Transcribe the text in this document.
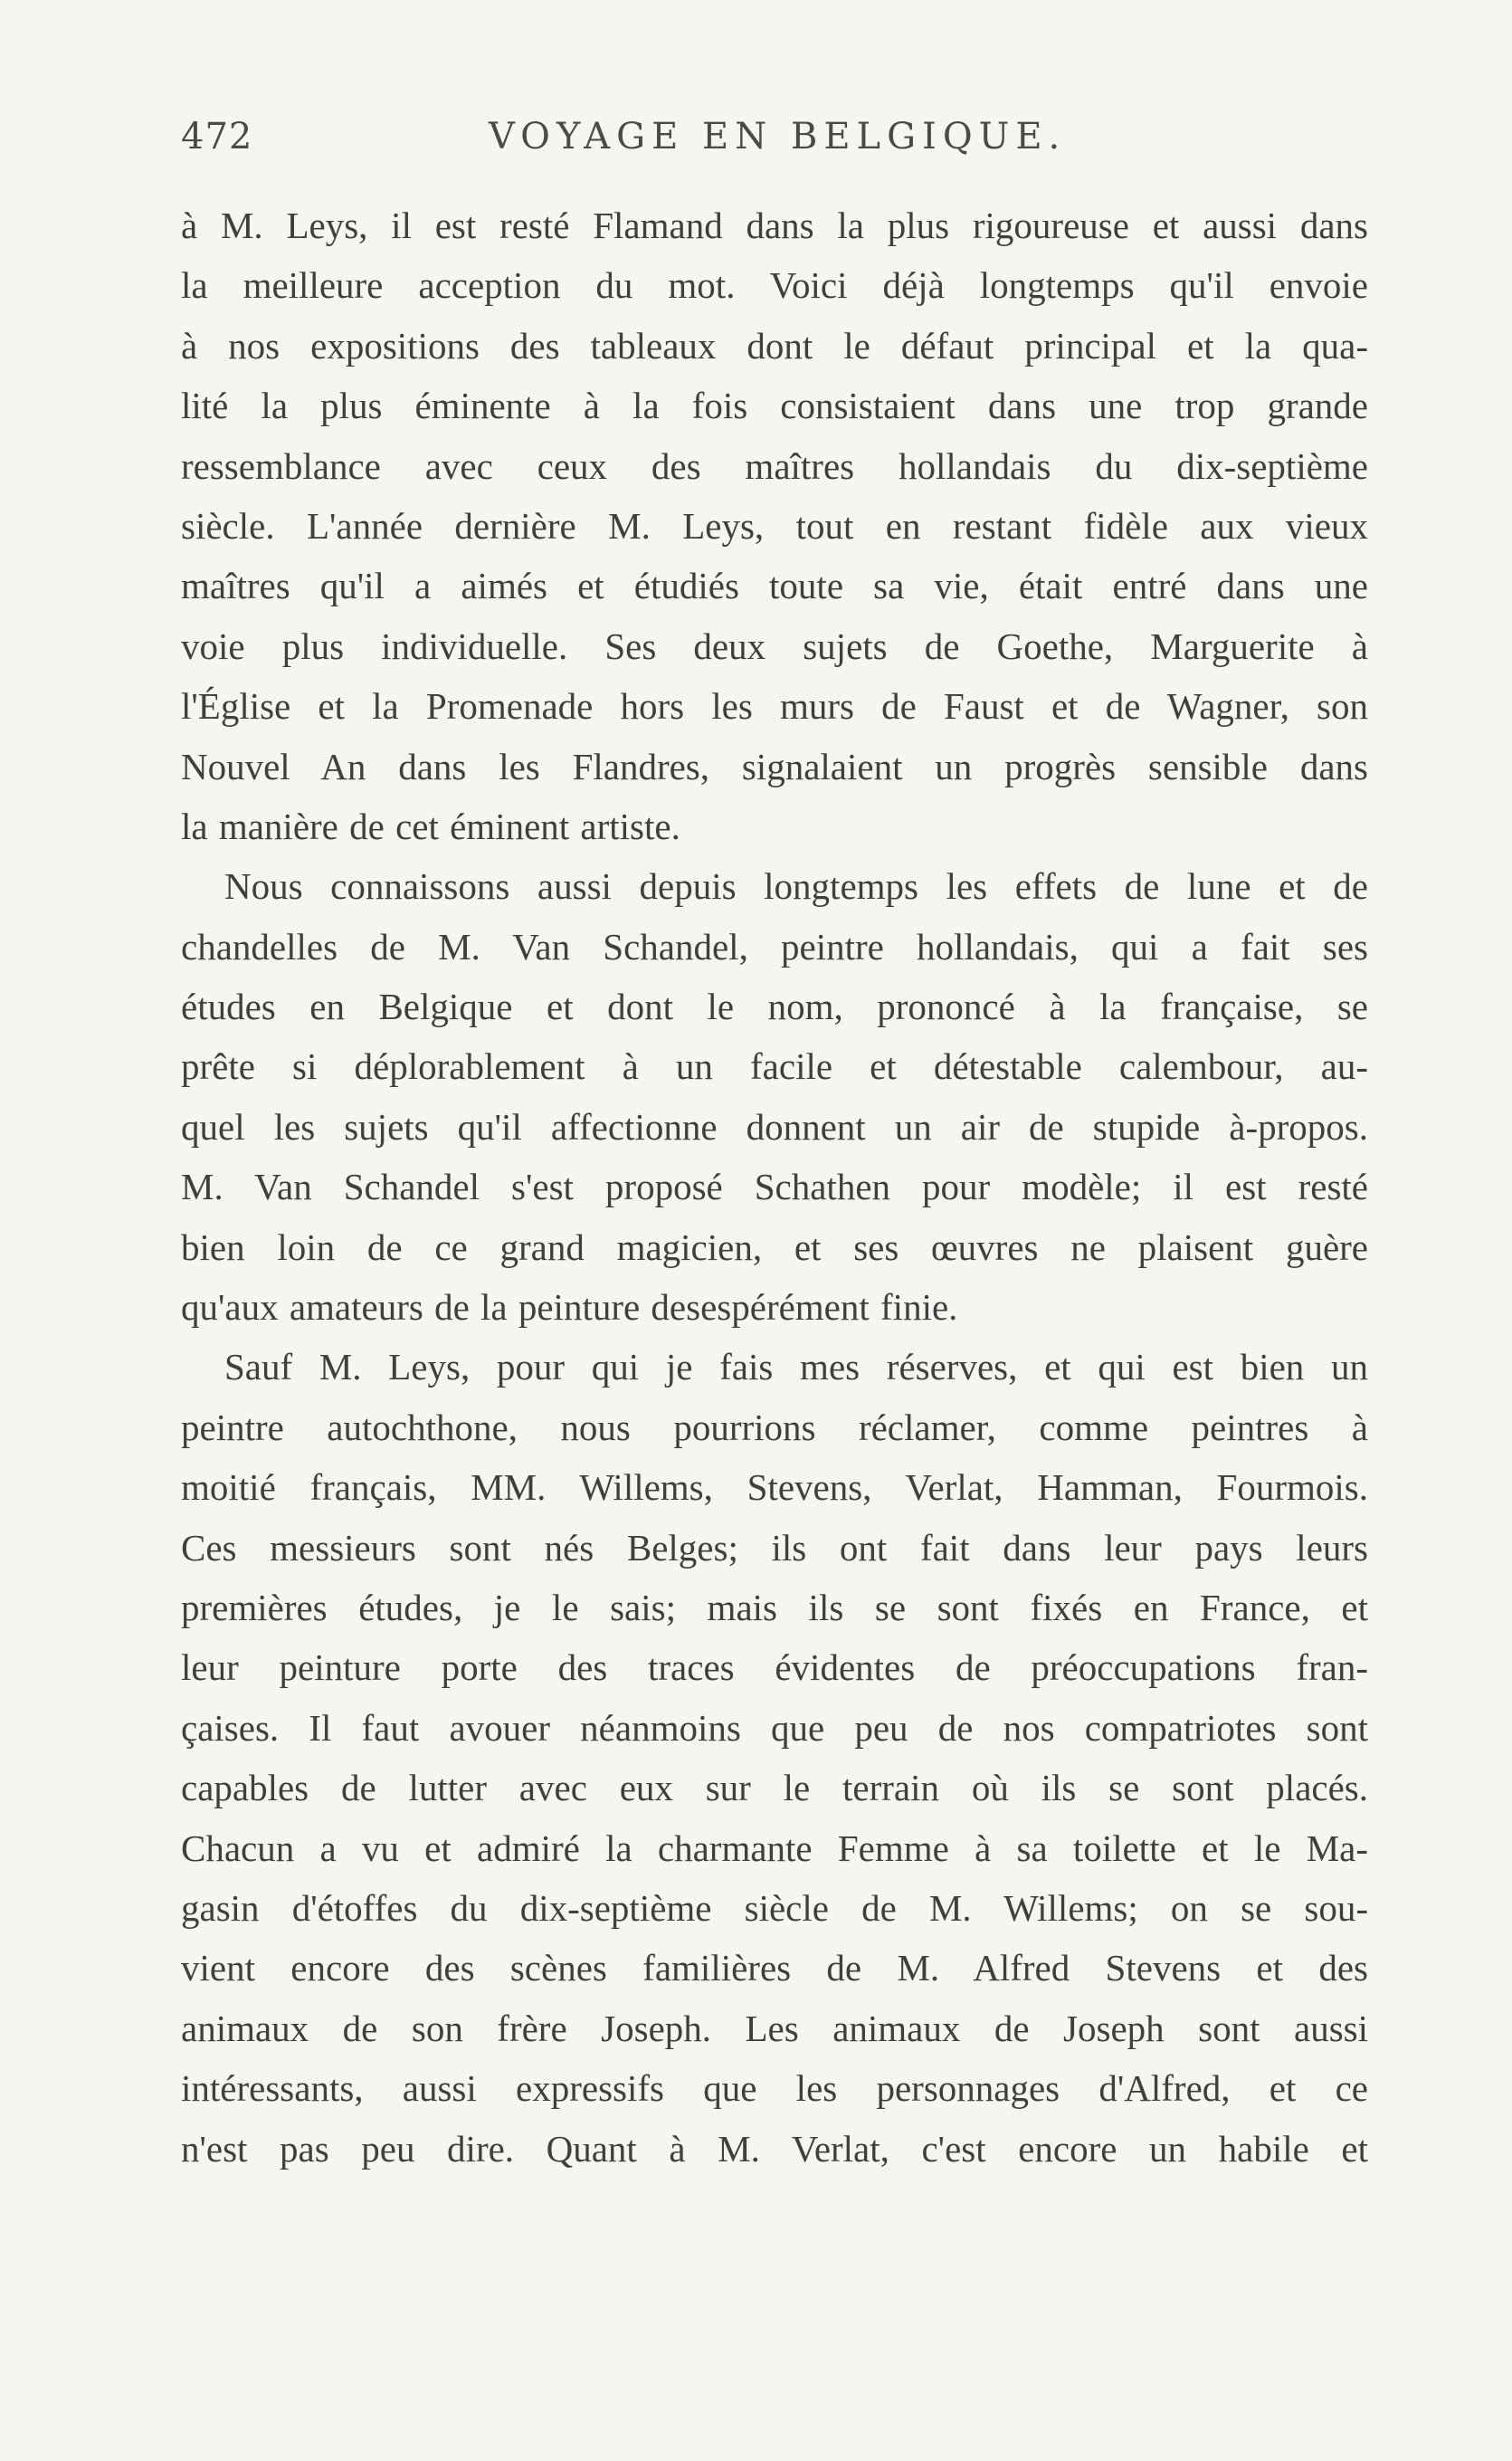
472	VOYAGE EN BELGIQUE.
à M. Leys, il est resté Flamand dans la plus rigoureuse et aussi dans
la meilleure acception du mot. Voici déjà longtemps qu'il envoie
à nos expositions des tableaux dont le défaut principal et la qua-
lité la plus éminente à la fois consistaient dans une trop grande
ressemblance avec ceux des maîtres hollandais du dix-septième
siècle. L'année dernière M. Leys, tout en restant fidèle aux vieux
maîtres qu'il a aimés et étudiés toute sa vie, était entré dans une
voie plus individuelle. Ses deux sujets de Goethe, Marguerite à
l'Église et la Promenade hors les murs de Faust et de Wagner, son
Nouvel An dans les Flandres, signalaient un progrès sensible dans
la manière de cet éminent artiste.
Nous connaissons aussi depuis longtemps les effets de lune et de
chandelles de M. Van Schandel, peintre hollandais, qui a fait ses
études en Belgique et dont le nom, prononcé à la française, se
prête si déplorablement à un facile et détestable calembour, au-
quel les sujets qu'il affectionne donnent un air de stupide à-propos.
M. Van Schandel s'est proposé Schathen pour modèle; il est resté
bien loin de ce grand magicien, et ses œuvres ne plaisent guère
qu'aux amateurs de la peinture desespérément finie.
Sauf M. Leys, pour qui je fais mes réserves, et qui est bien un
peintre autochthone, nous pourrions réclamer, comme peintres à
moitié français, MM. Willems, Stevens, Verlat, Hamman, Fourmois.
Ces messieurs sont nés Belges; ils ont fait dans leur pays leurs
premières études, je le sais; mais ils se sont fixés en France, et
leur peinture porte des traces évidentes de préoccupations fran-
çaises. Il faut avouer néanmoins que peu de nos compatriotes sont
capables de lutter avec eux sur le terrain où ils se sont placés.
Chacun a vu et admiré la charmante Femme à sa toilette et le Ma-
gasin d'étoffes du dix-septième siècle de M. Willems; on se sou-
vient encore des scènes familières de M. Alfred Stevens et des
animaux de son frère Joseph. Les animaux de Joseph sont aussi
intéressants, aussi expressifs que les personnages d'Alfred, et ce
n'est pas peu dire. Quant à M. Verlat, c'est encore un habile et
